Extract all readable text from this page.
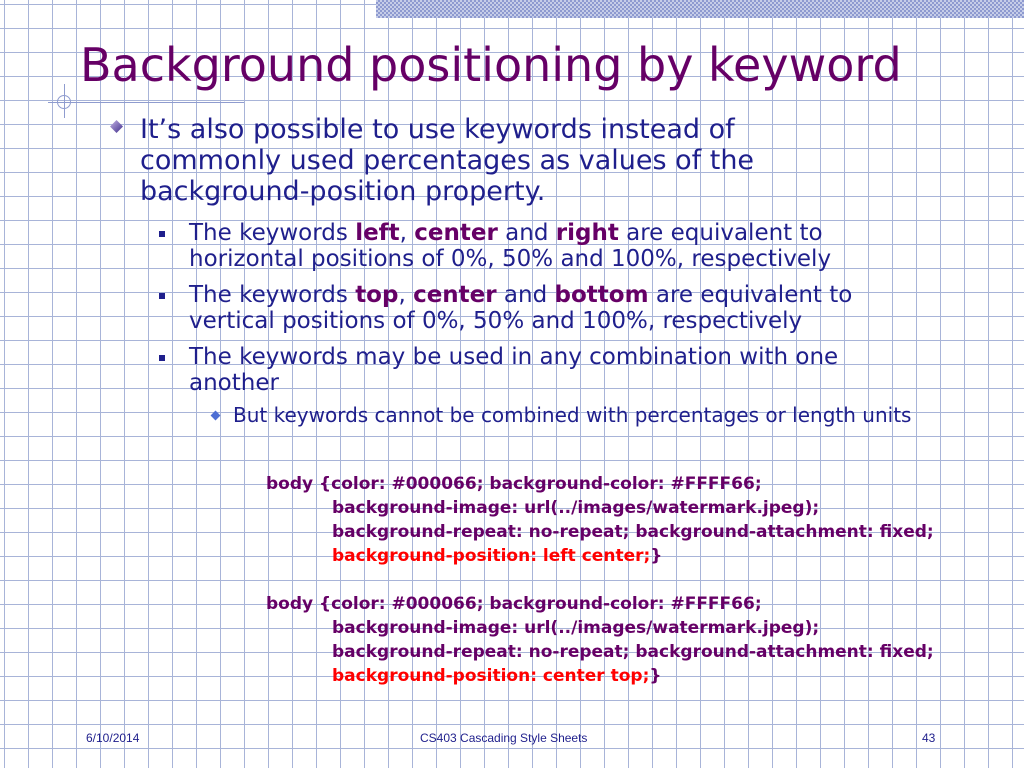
Background positioning by keyword
It’s also possible to use keywords instead of commonly used percentages as values of the background-position property.
The keywords left, center and right are equivalent to horizontal positions of 0%, 50% and 100%, respectively
The keywords top, center and bottom are equivalent to vertical positions of 0%, 50% and 100%, respectively
The keywords may be used in any combination with one another
But keywords cannot be combined with percentages or length units
body {color: #000066; background-color: #FFFF66;
background-image: url(../images/watermark.jpeg);
background-repeat: no-repeat; background-attachment: fixed;
background-position: left center;}
body {color: #000066; background-color: #FFFF66;
background-image: url(../images/watermark.jpeg);
background-repeat: no-repeat; background-attachment: fixed;
background-position: center top;}
6/10/2014	CS403 Cascading Style Sheets	43
